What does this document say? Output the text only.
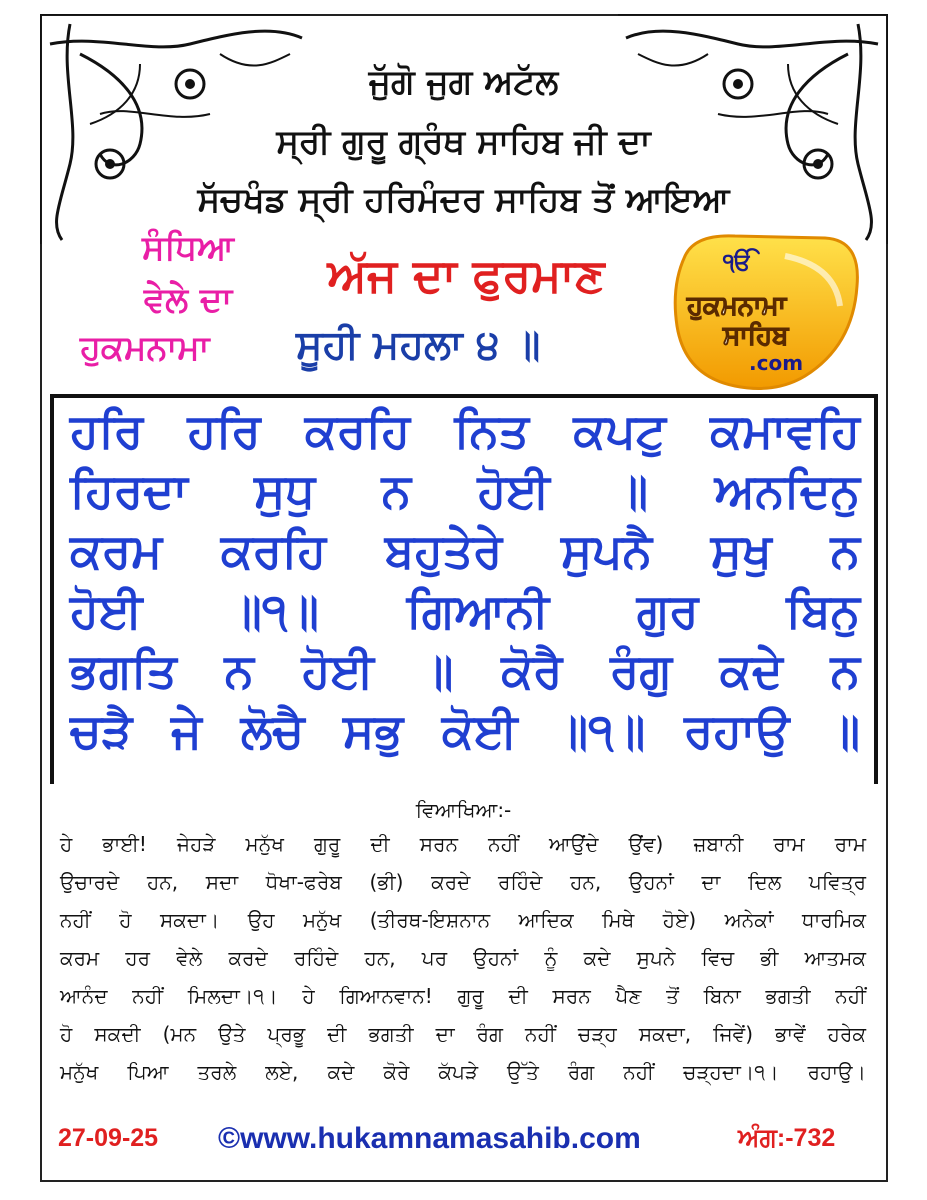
ਜੁੱਗੋ ਜੁਗ ਅਟੱਲ
ਸ੍ਰੀ ਗੁਰੂ ਗ੍ਰੰਥ ਸਾਹਿਬ ਜੀ ਦਾ
ਸੱਚਖੰਡ ਸ੍ਰੀ ਹਰਿਮੰਦਰ ਸਾਹਿਬ ਤੋਂ ਆਇਆ
ਸੰਧਿਆ
ਵੇਲੇ ਦਾ
ਹੁਕਮਨਾਮਾ
ਅੱਜ ਦਾ ਫੁਰਮਾਣ
ਸੂਹੀ ਮਹਲਾ ੪ ॥
ੴ
ਹੁਕਮਨਾਮਾ
ਸਾਹਿਬ
.com
ਹਰਿ ਹਰਿ ਕਰਹਿ ਨਿਤ ਕਪਟੁ ਕਮਾਵਹਿ
ਹਿਰਦਾ ਸੁਧੁ ਨ ਹੋਈ ॥ ਅਨਦਿਨੁ
ਕਰਮ ਕਰਹਿ ਬਹੁਤੇਰੇ ਸੁਪਨੈ ਸੁਖੁ ਨ
ਹੋਈ ॥੧॥ ਗਿਆਨੀ ਗੁਰ ਬਿਨੁ
ਭਗਤਿ ਨ ਹੋਈ ॥ ਕੋਰੈ ਰੰਗੁ ਕਦੇ ਨ
ਚੜੈ ਜੇ ਲੋਚੈ ਸਭੁ ਕੋਈ ॥੧॥ ਰਹਾਉ ॥
ਵਿਆਖਿਆ:-
ਹੇ ਭਾਈ! ਜੇਹੜੇ ਮਨੁੱਖ ਗੁਰੂ ਦੀ ਸਰਨ ਨਹੀਂ ਆਉਂਦੇ ਉਂਵ) ਜ਼ਬਾਨੀ ਰਾਮ ਰਾਮ
ਉਚਾਰਦੇ ਹਨ, ਸਦਾ ਧੋਖਾ-ਫਰੇਬ (ਭੀ) ਕਰਦੇ ਰਹਿੰਦੇ ਹਨ, ਉਹਨਾਂ ਦਾ ਦਿਲ ਪਵਿਤ੍ਰ
ਨਹੀਂ ਹੋ ਸਕਦਾ। ਉਹ ਮਨੁੱਖ (ਤੀਰਥ-ਇਸ਼ਨਾਨ ਆਦਿਕ ਮਿਥੇ ਹੋਏ) ਅਨੇਕਾਂ ਧਾਰਮਿਕ
ਕਰਮ ਹਰ ਵੇਲੇ ਕਰਦੇ ਰਹਿੰਦੇ ਹਨ, ਪਰ ਉਹਨਾਂ ਨੂੰ ਕਦੇ ਸੁਪਨੇ ਵਿਚ ਭੀ ਆਤਮਕ
ਆਨੰਦ ਨਹੀਂ ਮਿਲਦਾ।੧। ਹੇ ਗਿਆਨਵਾਨ! ਗੁਰੂ ਦੀ ਸਰਨ ਪੈਣ ਤੋਂ ਬਿਨਾ ਭਗਤੀ ਨਹੀਂ
ਹੋ ਸਕਦੀ (ਮਨ ਉਤੇ ਪ੍ਰਭੂ ਦੀ ਭਗਤੀ ਦਾ ਰੰਗ ਨਹੀਂ ਚੜ੍ਹ ਸਕਦਾ, ਜਿਵੇਂ) ਭਾਵੇਂ ਹਰੇਕ
ਮਨੁੱਖ ਪਿਆ ਤਰਲੇ ਲਏ, ਕਦੇ ਕੋਰੇ ਕੱਪੜੇ ਉੱਤੇ ਰੰਗ ਨਹੀਂ ਚੜ੍ਹਦਾ।੧। ਰਹਾਉ।
27-09-25 ©www.hukamnamasahib.com	ਅੰਗ:-732
